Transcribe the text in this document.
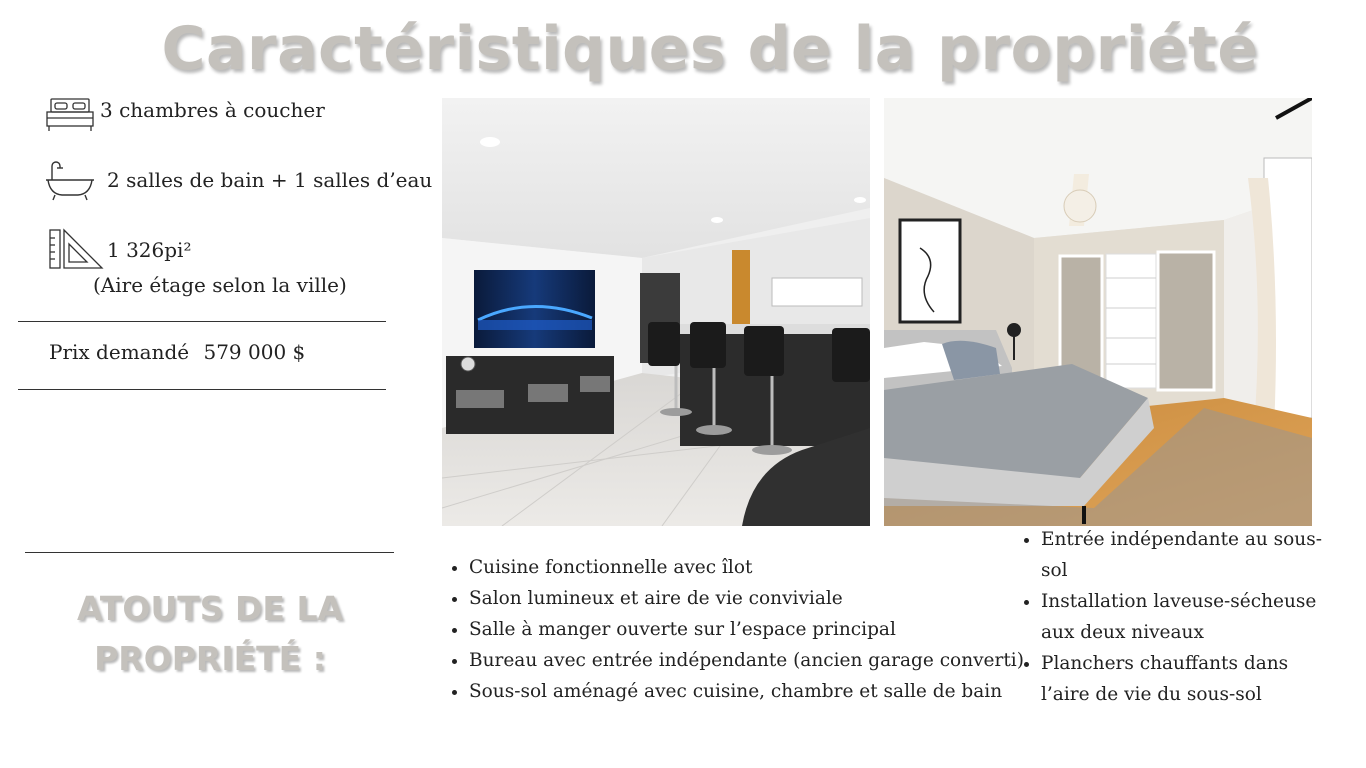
Caractéristiques de la propriété
3 chambres à coucher
2 salles de bain + 1 salles d’eau
1 326pi²
(Aire étage selon la ville)
Prix demandé 579 000 $
ATOUTS DE LA
PROPRIÉTÉ :
• Cuisine fonctionnelle avec îlot
• Salon lumineux et aire de vie conviviale
• Salle à manger ouverte sur l’espace principal
• Bureau avec entrée indépendante (ancien garage converti)
• Sous-sol aménagé avec cuisine, chambre et salle de bain
• Entrée indépendante au sous-sol
• Installation laveuse-sécheuse aux deux niveaux
• Planchers chauffants dans l’aire de vie du sous-sol
